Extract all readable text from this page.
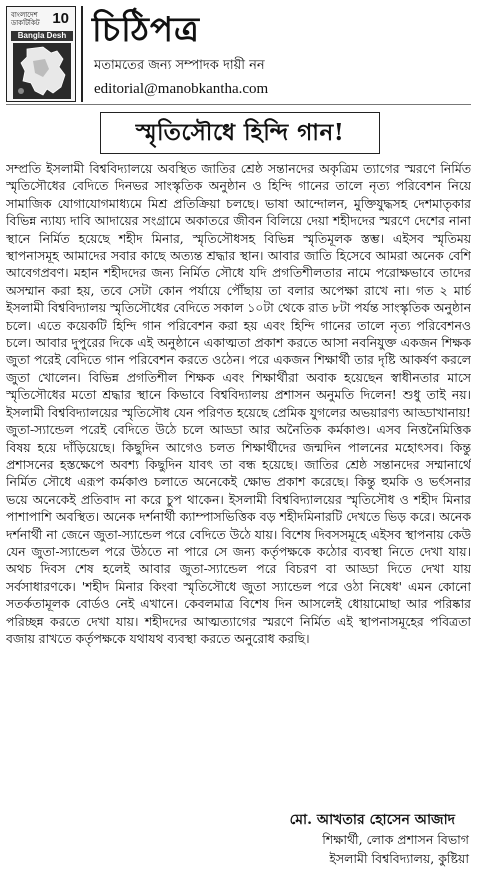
বাংলাদেশ
ডাকটিকিট 10
Bangla Desh চিঠিপত্র
মতামতের জন্য সম্পাদক দায়ী নন
editorial@manobkantha.com
স্মৃতিসৌধে হিন্দি গান!

সম্প্রতি ইসলামী বিশ্ববিদ্যালয়ে অবস্থিত জাতির শ্রেষ্ঠ সন্তানদের অকৃত্রিম ত্যাগের স্মরণে নির্মিত স্মৃতিসৌধের বেদিতে দিনভর সাংস্কৃতিক অনুষ্ঠান ও হিন্দি গানের তালে নৃত্য পরিবেশন নিয়ে সামাজিক যোগাযোগমাধ্যমে মিশ্র প্রতিক্রিয়া চলছে। ভাষা আন্দোলন, মুক্তিযুদ্ধসহ দেশমাতৃকার বিভিন্ন ন্যায্য দাবি আদায়ের সংগ্রামে অকাতরে জীবন বিলিয়ে দেয়া শহীদদের স্মরণে দেশের নানা স্থানে নির্মিত হয়েছে শহীদ মিনার, স্মৃতিসৌধসহ বিভিন্ন স্মৃতিমূলক স্তম্ভ। এইসব স্মৃতিময় স্থাপনাসমূহ আমাদের সবার কাছে অত্যন্ত শ্রদ্ধার স্থান। আবার জাতি হিসেবে আমরা অনেক বেশি আবেগপ্রবণ। মহান শহীদদের জন্য নির্মিত সৌধে যদি প্রগতিশীলতার নামে পরোক্ষভাবে তাদের অসম্মান করা হয়, তবে সেটা কোন পর্যায়ে পৌঁছায় তা বলার অপেক্ষা রাখে না। গত ২ মার্চ ইসলামী বিশ্ববিদ্যালয় স্মৃতিসৌধের বেদিতে সকাল ১০টা থেকে রাত ৮টা পর্যন্ত সাংস্কৃতিক অনুষ্ঠান চলে। এতে কয়েকটি হিন্দি গান পরিবেশন করা হয় এবং হিন্দি গানের তালে নৃত্য পরিবেশনও চলে। আবার দুপুরের দিকে এই অনুষ্ঠানে একাত্মতা প্রকাশ করতে আসা নবনিযুক্ত একজন শিক্ষক জুতা পরেই বেদিতে গান পরিবেশন করতে ওঠেন। পরে একজন শিক্ষার্থী তার দৃষ্টি আকর্ষণ করলে জুতা খোলেন। বিভিন্ন প্রগতিশীল শিক্ষক এবং শিক্ষার্থীরা অবাক হয়েছেন স্বাধীনতার মাসে স্মৃতিসৌধের মতো শ্রদ্ধার স্থানে কিভাবে বিশ্ববিদ্যালয় প্রশাসন অনুমতি দিলেন! শুধু তাই নয়। ইসলামী বিশ্ববিদ্যালয়ের স্মৃতিসৌধ যেন পরিণত হয়েছে প্রেমিক যুগলের অভয়ারণ্য আড্ডাখানায়! জুতা-স্যান্ডেল পরেই বেদিতে উঠে চলে আড্ডা আর অনৈতিক কর্মকাণ্ড। এসব নিত্তনৈমিত্তিক বিষয় হয়ে দাঁড়িয়েছে। কিছুদিন আগেও চলত শিক্ষার্থীদের জন্মদিন পালনের মহোৎসব। কিন্তু প্রশাসনের হস্তক্ষেপে অবশ্য কিছুদিন যাবৎ তা বন্ধ হয়েছে। জাতির শ্রেষ্ঠ সন্তানদের সম্মানার্থে নির্মিত সৌধে এরূপ কর্মকাণ্ড চলাতে অনেকেই ক্ষোভ প্রকাশ করেছে। কিন্তু হুমকি ও ভর্ৎসনার ভয়ে অনেকেই প্রতিবাদ না করে চুপ থাকেন। ইসলামী বিশ্ববিদ্যালয়ের স্মৃতিসৌধ ও শহীদ মিনার পাশাপাশি অবস্থিত। অনেক দর্শনার্থী ক্যাম্পাসভিত্তিক বড় শহীদমিনারটি দেখতে ভিড় করে। অনেক দর্শনার্থী না জেনে জুতা-স্যান্ডেল পরে বেদিতে উঠে যায়। বিশেষ দিবসসমূহে এইসব স্থাপনায় কেউ যেন জুতা-স্যান্ডেল পরে উঠতে না পারে সে জন্য কর্তৃপক্ষকে কঠোর ব্যবস্থা নিতে দেখা যায়। অথচ দিবস শেষ হলেই আবার জুতা-স্যান্ডেল পরে বিচরণ বা আড্ডা দিতে দেখা যায় সর্বসাধারণকে। 'শহীদ মিনার কিংবা স্মৃতিসৌধে জুতা স্যান্ডেল পরে ওঠা নিষেধ' এমন কোনো সতর্কতামূলক বোর্ডও নেই এখানে। কেবলমাত্র বিশেষ দিন আসলেই ধোয়ামোছা আর পরিষ্কার পরিচ্ছন্ন করতে দেখা যায়। শহীদদের আত্মত্যাগের স্মরণে নির্মিত এই স্থাপনাসমূহের পবিত্রতা বজায় রাখতে কর্তৃপক্ষকে যথাযথ ব্যবস্থা করতে অনুরোধ করছি।

মো. আখতার হোসেন আজাদ
শিক্ষার্থী, লোক প্রশাসন বিভাগ
ইসলামী বিশ্ববিদ্যালয়, কুষ্টিয়া
